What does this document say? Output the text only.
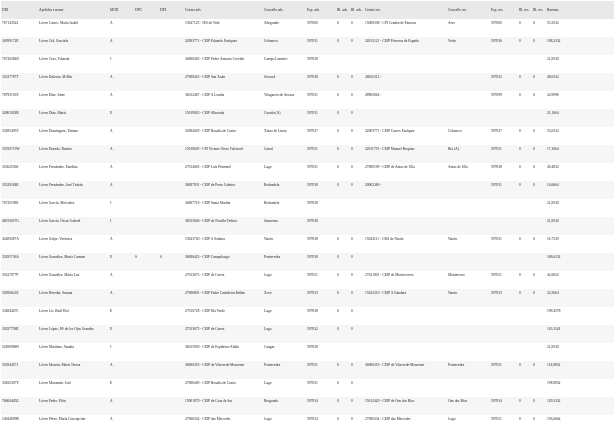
DNI	Apelidos e nome	MOD	DPC	DPL	Centro ads.	Concello ads.	Esp. ads.	Bl. ads.	Bl. ads.	Centro res.	Concello res.	Esp. res.	Bl. res.	Bl. res.	Baremo
767143522	Lóvez Castro, María Isabel	A			15027125 - IES de Vide	Abegondo	597600	0	0	15000338 - CPI Ceadea de Fanoras	Ares	597600	0	0	53,3332
34959172E	Lóvez Cid, Graciela	A			32003771 - CEIP Eduardo Enríquez	Celanova	597031	0	0	32013121 - CEIP Princesa de España	Verín	597036	0	0	108,3332
76720284N	Lóvez Cruz, Yolanda	J			36000403 - CEIP Pedro Antonio Cerviño	Campo Lameiro	597038								21,8330
33337787T	Lóvez Dafonte, M.Mar	A			27000423 - CEIP San Xoán	Socorrá	597038	0	0	28025312 -		597032	0	0	48,6332
78795156Y	Lóvez Díaz, Irene	A			36012467 - CEIP A Lomba	Vilagarcía de Arousa	597031	0	0	28965062 -		597099	0	0	24,9998
32801002R	Lóvez Díaz, María	E			15019023 - CEIP Alborada	Coruña (A)	597031	0	0						21,1664
33285495Y	Lóvez Domínguez, Tatiana	A			32004029 - CEIP Rosalía de Castro	Xinzo de Limia	597037	0	0	32003771 - CEIP Curros Enríquez	Celanova	597037	0	0	53,6332
33550719W	Lóvez Dorado, Beatriz	A			15010605 - CPI Vicente Otero Valcárcel	Carral	597031	0	0	32011755 - CEIP Manuel Respino	Ría (A)	597031	0	0	17,1664
33362536S	Lóvez Fernández, Enedina	A			27014665 - CEIP Luís Pimentel	Lugo	597031	0	0	27000199 - CEIP de Antas de Ulla	Antas de Ulla	597038	0	0	40,4832
33329184E	Lóvez Fernández, José Tristán	A			36007031 - CEIP de Porto Cabeiro	Redondela	597038	0	0	20002269 -		597031	0	0	14,6664
76725198S	Lóvez García, Mercedes	J			36007710 - CEIP Santa Mariña	Redondela	597038								21,8330
46915657G	Lóvez García, Óscar Gabriel	J			36015046 - CEIP de Nosilla-Teibiro	Sanxenxo	597038								21,8330
32409287A	Lóvez Golpe, Verónica	A			15023740 - CEIP A Solaina	Narón	597038	0	0	15024111 - CRA de Narón	Narón	597031	0	0	16,7330
35295736A	Lóvez González, María Carmen	E	S	S	36006423 - CEIP Campolongo	Pontevedra	597038	0	0						186,6332
33327077P	Lóvez González, María Luz	A			27013673 - CEIP de Cueva	Lugo	597031	0	0	27021801 - CEIP de Montecerves	Monterroso	597031	0	0	42,6832
33956621E	Lóvez Heredia, Susana	A			27006801 - CEIP Padre Castiñeira Rellán	Xove	597033	0	0	15022310 - CEIP A Gándara	Narón	597033	0	0	22,5664
33484447C	Lóvez Lis, Raúl Eloi	E			27016728 - CEIP Illa Verde	Lugo	597038	0	0						199,4578
33037758E	Lóvez López, Mª de los Ojos Grandes	E			27013673 - CEIP de Cueva	Lugo	597032	0	0						110,3324
52490968N	Lóvez Martínez, Amalia	J			36015950 - CEIP de Espiñeira-Aldán	Cangas	597038								21,8330
35294457J	Lóvez Mourín, María Teresa	A			36006353 - CEIP de Vilaverde-Mourente	Pontevedra	597031	0	0	36006353 - CEIP de Vilaverde-Mourente	Pontevedra	597031	0	0	114,8832
33825307Y	Lóvez Muramán, José	E			27006449 - CEIP Rosalía de Castro	Lugo	597031	0	0						198,9832
76604445Z	Lóvez Pedro, Pilar	A			15001070 - CEIP de Cruz de Sar	Bergondo	597034	0	0	15012420 - CEIP de Ons dos Ríos	Ons dos Ríos	597034	0	0	129,3332
10044699B	Lóvez Pérez, María Concepción	A			27006334 - CEIP das Mercedes	Lugo	597034	0	0	27006334 - CEIP das Mercedes	Lugo	597031	0	0	193,6664
